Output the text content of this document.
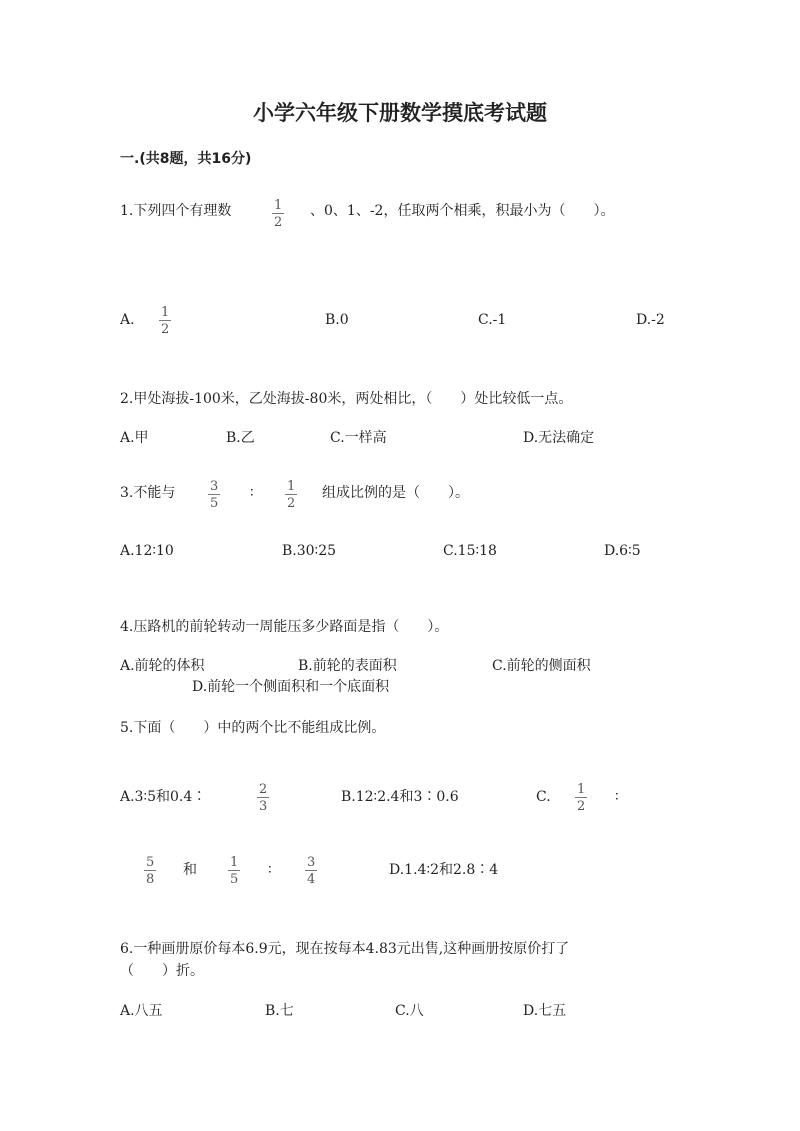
小学六年级下册数学摸底考试题
一.(共8题，共16分)
1.下列四个有理数	1
2
、0、1、-2，任取两个相乘，积最小为（　　）。
A. 1
2
B.0	C.-1	D.-2
2.甲处海拔-100米，乙处海拔-80米，两处相比，（　　）处比较低一点。
A.甲	B.乙	C.一样高	D.无法确定
3.不能与	3
5
∶	1
2
组成比例的是（　　）。
A.12∶10	B.30∶25	C.15∶18	D.6∶5
4.压路机的前轮转动一周能压多少路面是指（　　）。
A.前轮的体积	B.前轮的表面积	C.前轮的侧面积
D.前轮一个侧面积和一个底面积
5.下面（　　）中的两个比不能组成比例。
A.3∶5和0.4∶	2
3
B.12∶2.4和3∶0.6	C. 1
2
∶
5
8
和	1
5
∶	3
4
D.1.4∶2和2.8∶4
6.一种画册原价每本6.9元，现在按每本4.83元出售,这种画册按原价打了
（　　）折。
A.八五	B.七	C.八	D.七五
